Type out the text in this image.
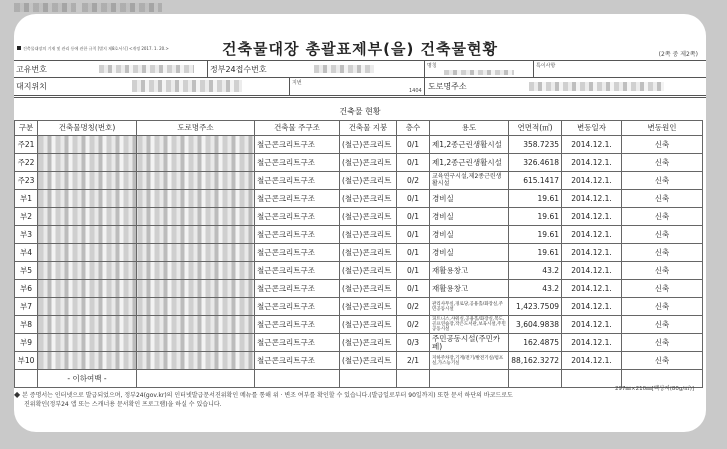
건축물대장의 기재 및 관리 등에 관한 규칙 [별지 제8호서식] <개정 2017. 1. 20.>	건축물대장 총괄표제부(을) 건축물현황	(2쪽 중 제2쪽)
고유번호	정부24접수번호	명칭	특이사항
대지위치	지번
1404 도로명주소
건축물 현황
구분	건축물명칭(번호)	도로명주소	건축물 주구조	건축물 지붕	층수	용도	연면적(㎡)	변동일자	변동원인
주21			철근콘크리트구조	(철근)콘크리트	0/1	제1,2종근린생활시설	358.7235	2014.12.1.	신축
주22			철근콘크리트구조	(철근)콘크리트	0/1	제1,2종근린생활시설	326.4618	2014.12.1.	신축
주23			철근콘크리트구조	(철근)콘크리트	0/2	교육연구시설,제2종근린생활시설	615.1417	2014.12.1.	신축
부1			철근콘크리트구조	(철근)콘크리트	0/1	경비실	19.61	2014.12.1.	신축
부2			철근콘크리트구조	(철근)콘크리트	0/1	경비실	19.61	2014.12.1.	신축
부3			철근콘크리트구조	(철근)콘크리트	0/1	경비실	19.61	2014.12.1.	신축
부4			철근콘크리트구조	(철근)콘크리트	0/1	경비실	19.61	2014.12.1.	신축
부5			철근콘크리트구조	(철근)콘크리트	0/1	재활용창고	43.2	2014.12.1.	신축
부6			철근콘크리트구조	(철근)콘크리트	0/1	재활용창고	43.2	2014.12.1.	신축
부7			철근콘크리트구조	(철근)콘크리트	0/2	관리사무실,경로당,공용홀/화장실,주민공동시설	1,423.7509	2014.12.1.	신축
부8			철근콘크리트구조	(철근)콘크리트	0/2	피트니스,샤워실,공용홀/화장실,복도,골프연습장,작은도서관,보육시설,주민공동시설	3,604.9838	2014.12.1.	신축
부9			철근콘크리트구조	(철근)콘크리트	0/3	주민공동시설(주민카페)	162.4875	2014.12.1.	신축
부10			철근콘크리트구조	(철근)콘크리트	2/1	지하주차장,기계/전기/발전기실/펌프실,가스능기실	88,162.3272	2014.12.1.	신축
	- 이하여백 -								
297㎜×210㎜[백상지(80g/㎡)]
◆ 본 증명서는 인터넷으로 발급되었으며, 정부24(gov.kr)의 인터넷발급문서진위확인 메뉴를 통해 위 · 변조 여부를 확인할 수 있습니다.(발급일로부터 90일까지) 또한 문서 하단의 바코드로도
진위확인(정부24 앱 또는 스캐너용 문서확인 프로그램)을 하실 수 있습니다.
